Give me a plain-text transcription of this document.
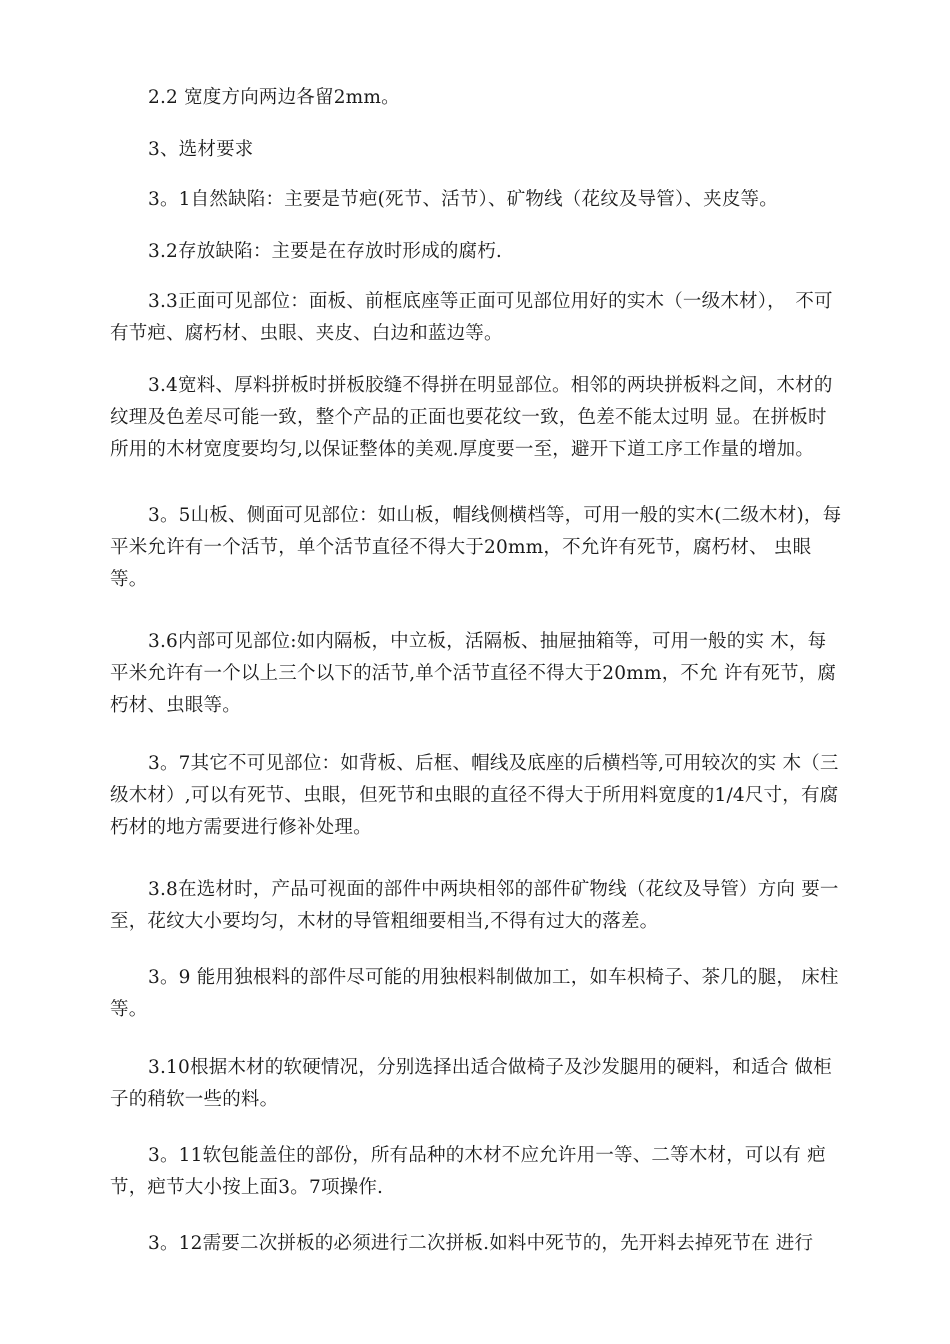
2.2 宽度方向两边各留2mm。

3、选材要求

3。1自然缺陷：主要是节疤(死节、活节）、矿物线（花纹及导管）、夹皮等。

3.2存放缺陷：主要是在存放时形成的腐朽.

3.3正面可见部位：面板、前框底座等正面可见部位用好的实木（一级木材），　不可有节疤、腐朽材、虫眼、夹皮、白边和蓝边等。

3.4宽料、厚料拼板时拼板胶缝不得拼在明显部位。相邻的两块拼板料之间，木材的纹理及色差尽可能一致，整个产品的正面也要花纹一致，色差不能太过明 显。在拼板时所用的木材宽度要均匀,以保证整体的美观.厚度要一至，避开下道工序工作量的增加。

3。5山板、侧面可见部位：如山板，帽线侧横档等，可用一般的实木(二级木材)，每平米允许有一个活节，单个活节直径不得大于20mm，不允许有死节，腐朽材、 虫眼等。

3.6内部可见部位:如内隔板，中立板，活隔板、抽屉抽箱等，可用一般的实 木，每平米允许有一个以上三个以下的活节,单个活节直径不得大于20mm，不允 许有死节，腐朽材、虫眼等。

3。7其它不可见部位：如背板、后框、帽线及底座的后横档等,可用较次的实 木（三级木材）,可以有死节、虫眼，但死节和虫眼的直径不得大于所用料宽度的1/4尺寸，有腐朽材的地方需要进行修补处理。

3.8在选材时，产品可视面的部件中两块相邻的部件矿物线（花纹及导管）方向 要一至，花纹大小要均匀，木材的导管粗细要相当,不得有过大的落差。

3。9 能用独根料的部件尽可能的用独根料制做加工，如车枳椅子、茶几的腿， 床柱等。

3.10根据木材的软硬情况，分别选择出适合做椅子及沙发腿用的硬料，和适合 做柜子的稍软一些的料。

3。11软包能盖住的部份，所有品种的木材不应允许用一等、二等木材，可以有 疤节，疤节大小按上面3。7项操作.

3。12需要二次拼板的必须进行二次拼板.如料中死节的，先开料去掉死节在 进行
